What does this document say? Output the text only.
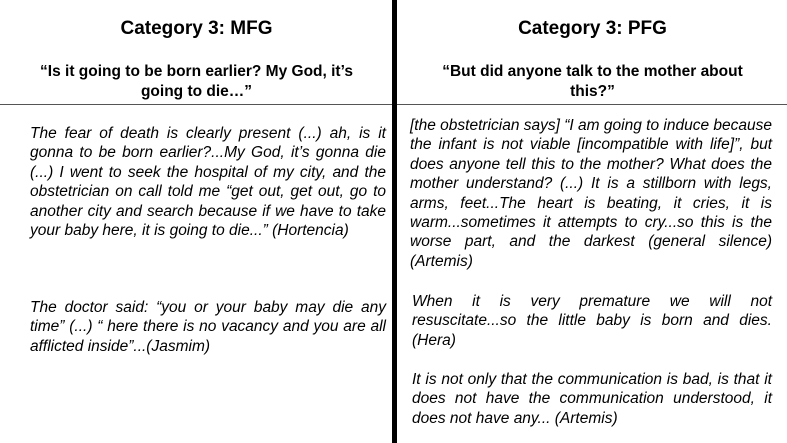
Category 3: MFG
“Is it going to be born earlier? My God, it’s going to die…”

The fear of death is clearly present (...) ah, is it gonna to be born earlier?...My God, it’s gonna die (...) I went to seek the hospital of my city, and the obstetrician on call told me “get out, get out, go to another city and search because if we have to take your baby here, it is going to die...” (Hortencia)

The doctor said: “you or your baby may die any time” (...) “ here there is no vacancy and you are all afflicted inside”...(Jasmim)

Category 3: PFG
“But did anyone talk to the mother about this?”

[the obstetrician says] “I am going to induce because the infant is not viable [incompatible with life]”, but does anyone tell this to the mother? What does the mother understand? (...) It is a stillborn with legs, arms, feet...The heart is beating, it cries, it is warm...sometimes it attempts to cry...so this is the worse part, and the darkest (general silence) (Artemis)

When it is very premature we will not resuscitate...so the little baby is born and dies. (Hera)

It is not only that the communication is bad, is that it does not have the communication understood, it does not have any... (Artemis)
